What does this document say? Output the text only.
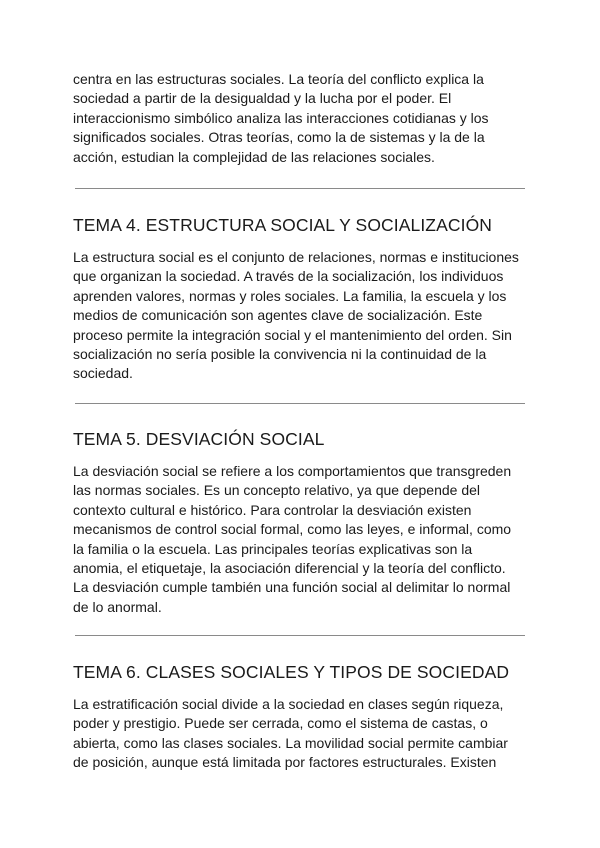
centra en las estructuras sociales. La teoría del conflicto explica la
sociedad a partir de la desigualdad y la lucha por el poder. El
interaccionismo simbólico analiza las interacciones cotidianas y los
significados sociales. Otras teorías, como la de sistemas y la de la
acción, estudian la complejidad de las relaciones sociales.
TEMA 4. ESTRUCTURA SOCIAL Y SOCIALIZACIÓN
La estructura social es el conjunto de relaciones, normas e instituciones
que organizan la sociedad. A través de la socialización, los individuos
aprenden valores, normas y roles sociales. La familia, la escuela y los
medios de comunicación son agentes clave de socialización. Este
proceso permite la integración social y el mantenimiento del orden. Sin
socialización no sería posible la convivencia ni la continuidad de la
sociedad.
TEMA 5. DESVIACIÓN SOCIAL
La desviación social se refiere a los comportamientos que transgreden
las normas sociales. Es un concepto relativo, ya que depende del
contexto cultural e histórico. Para controlar la desviación existen
mecanismos de control social formal, como las leyes, e informal, como
la familia o la escuela. Las principales teorías explicativas son la
anomia, el etiquetaje, la asociación diferencial y la teoría del conflicto.
La desviación cumple también una función social al delimitar lo normal
de lo anormal.
TEMA 6. CLASES SOCIALES Y TIPOS DE SOCIEDAD
La estratificación social divide a la sociedad en clases según riqueza,
poder y prestigio. Puede ser cerrada, como el sistema de castas, o
abierta, como las clases sociales. La movilidad social permite cambiar
de posición, aunque está limitada por factores estructurales. Existen
